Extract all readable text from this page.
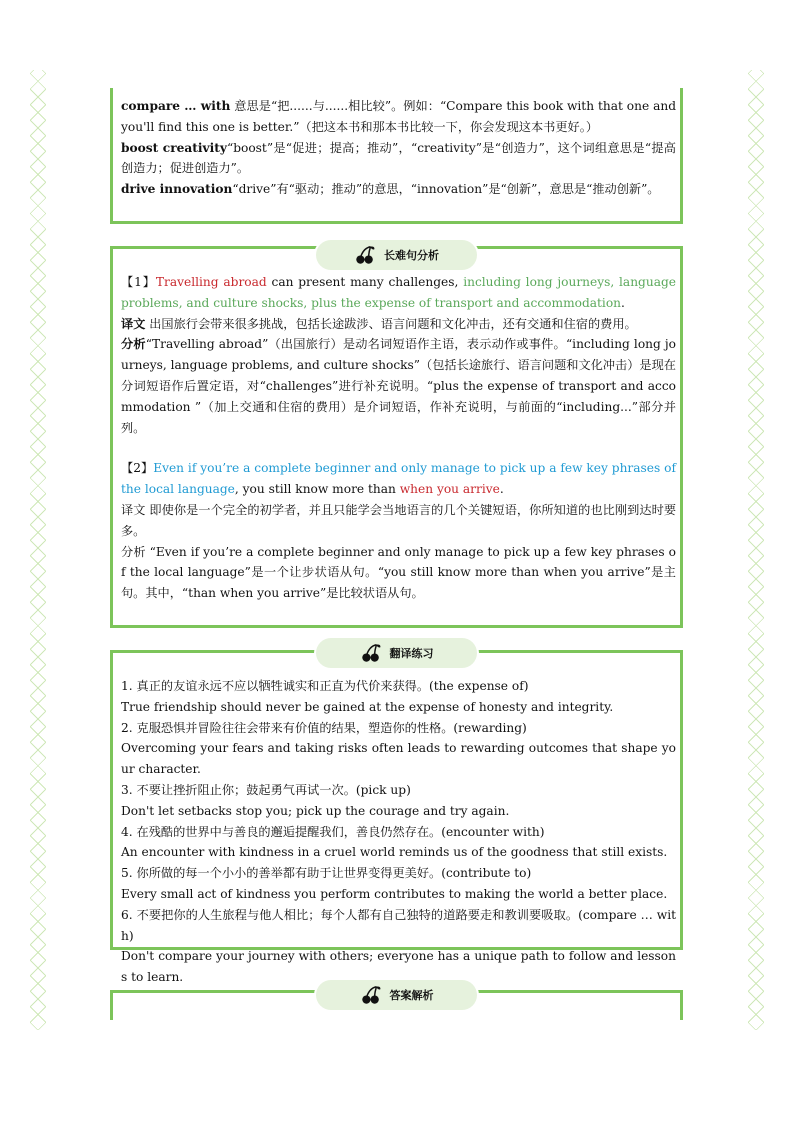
compare … with 意思是“把......与......相比较”。例如：“Compare this book with that one and you'll find this one is better.”（把这本书和那本书比较一下，你会发现这本书更好。）

boost creativity“boost”是“促进；提高；推动”，“creativity”是“创造力”，这个词组意思是“提高创造力；促进创造力”。

drive innovation“drive”有“驱动；推动”的意思，“innovation”是“创新”，意思是“推动创新”。

长难句分析

【1】Travelling abroad can present many challenges, including long journeys, language problems, and culture shocks, plus the expense of transport and accommodation.

译文 出国旅行会带来很多挑战，包括长途跋涉、语言问题和文化冲击，还有交通和住宿的费用。

分析“Travelling abroad”（出国旅行）是动名词短语作主语，表示动作或事件。“including long journeys, language problems, and culture shocks”（包括长途旅行、语言问题和文化冲击）是现在分词短语作后置定语，对“challenges”进行补充说明。“plus the expense of transport and accommodation ”（加上交通和住宿的费用）是介词短语，作补充说明，与前面的“including...”部分并列。

【2】Even if you’re a complete beginner and only manage to pick up a few key phrases of the local language, you still know more than when you arrive.

译文 即使你是一个完全的初学者，并且只能学会当地语言的几个关键短语，你所知道的也比刚到达时要多。

分析 “Even if you’re a complete beginner and only manage to pick up a few key phrases of the local language”是一个让步状语从句。“you still know more than when you arrive”是主句。其中，“than when you arrive”是比较状语从句。

翻译练习

1. 真正的友谊永远不应以牺牲诚实和正直为代价来获得。(the expense of)

True friendship should never be gained at the expense of honesty and integrity.

2. 克服恐惧并冒险往往会带来有价值的结果，塑造你的性格。(rewarding)

Overcoming your fears and taking risks often leads to rewarding outcomes that shape your character.

3. 不要让挫折阻止你；鼓起勇气再试一次。(pick up)

Don't let setbacks stop you; pick up the courage and try again.

4. 在残酷的世界中与善良的邂逅提醒我们，善良仍然存在。(encounter with)

An encounter with kindness in a cruel world reminds us of the goodness that still exists.

5. 你所做的每一个小小的善举都有助于让世界变得更美好。(contribute to)

Every small act of kindness you perform contributes to making the world a better place.

6. 不要把你的人生旅程与他人相比；每个人都有自己独特的道路要走和教训要吸取。(compare … with)

Don't compare your journey with others; everyone has a unique path to follow and lessons to learn.

答案解析
